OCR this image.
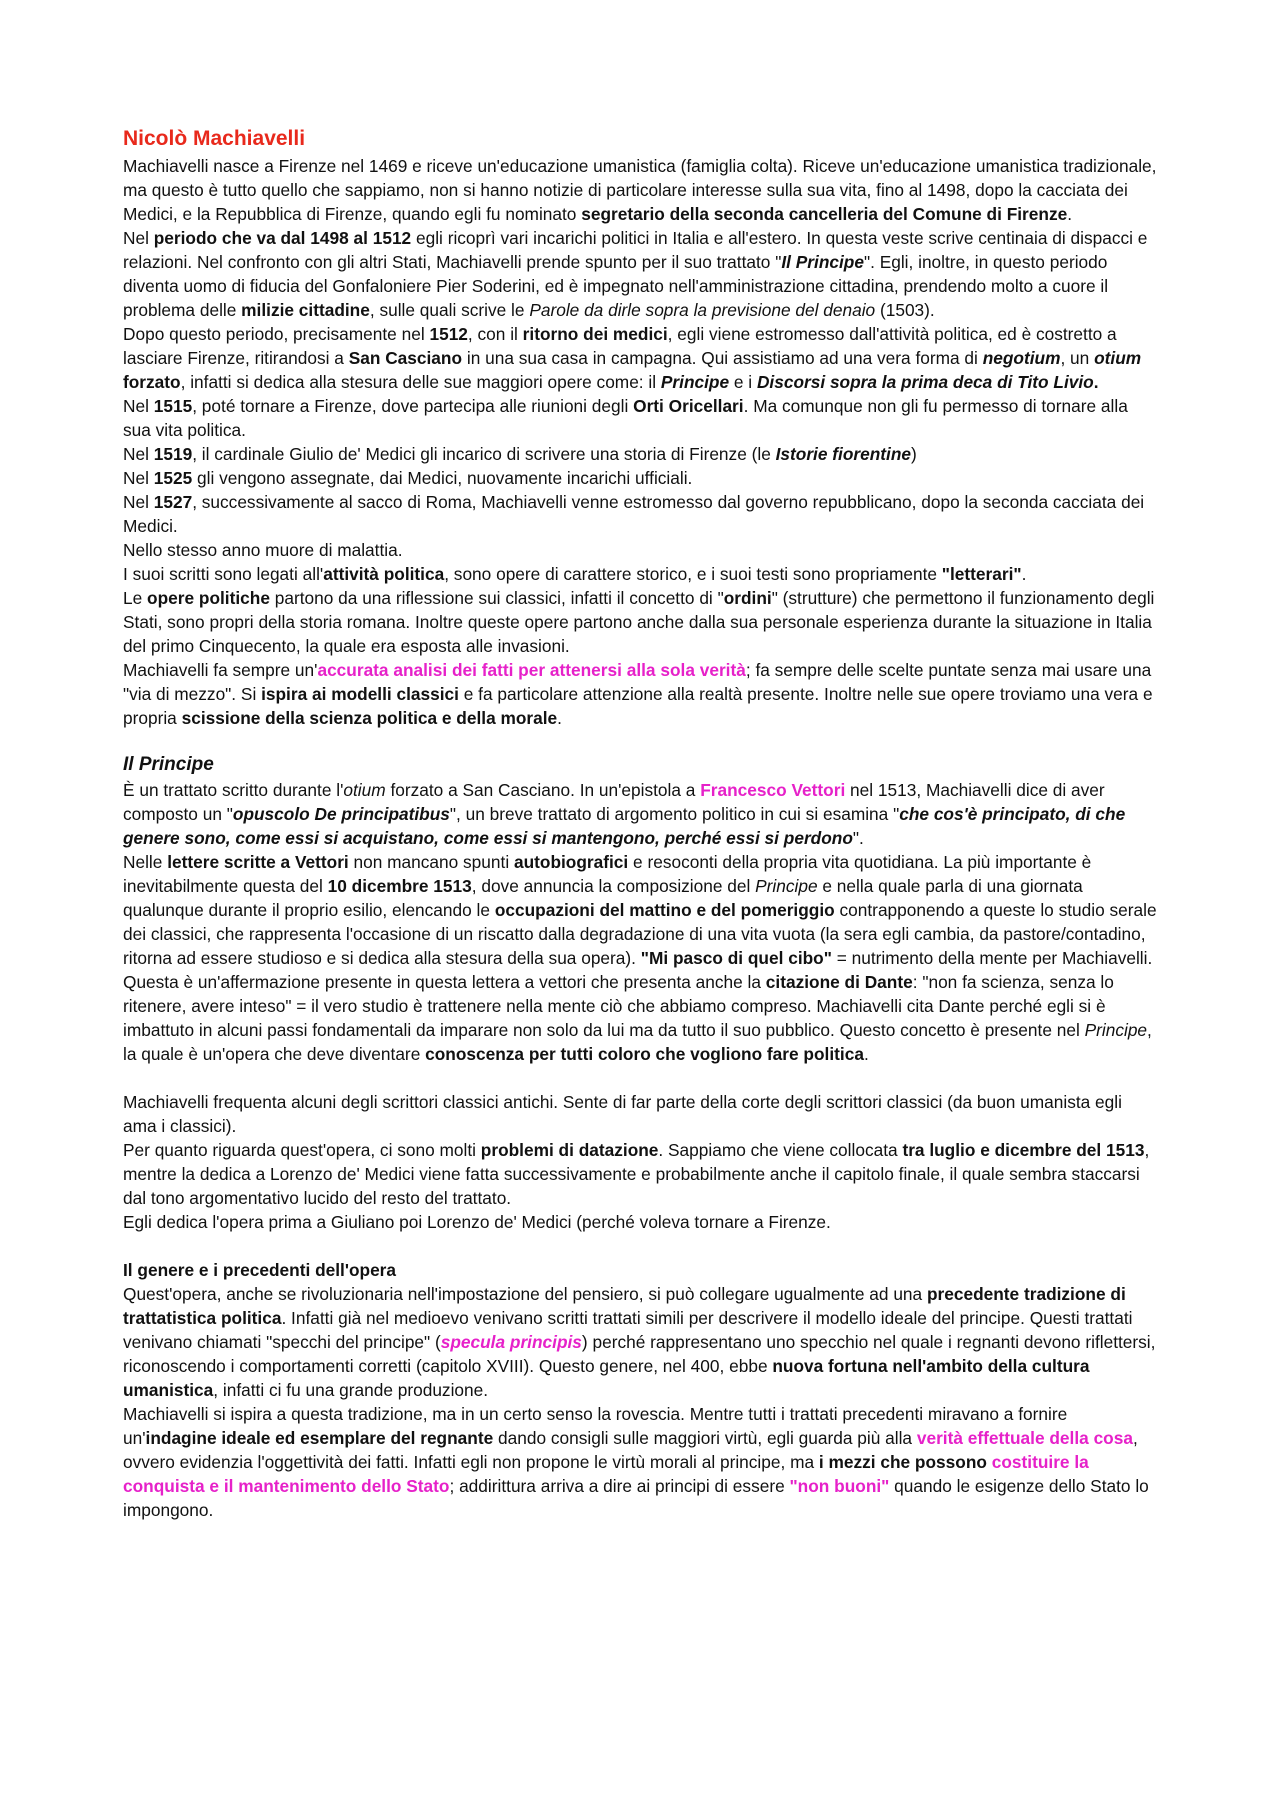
Nicolò Machiavelli

Machiavelli nasce a Firenze nel 1469 e riceve un'educazione umanistica (famiglia colta). Riceve un'educazione umanistica tradizionale, ma questo è tutto quello che sappiamo, non si hanno notizie di particolare interesse sulla sua vita, fino al 1498, dopo la cacciata dei Medici, e la Repubblica di Firenze, quando egli fu nominato segretario della seconda cancelleria del Comune di Firenze.

Nel periodo che va dal 1498 al 1512 egli ricoprì vari incarichi politici in Italia e all'estero. In questa veste scrive centinaia di dispacci e relazioni. Nel confronto con gli altri Stati, Machiavelli prende spunto per il suo trattato "Il Principe". Egli, inoltre, in questo periodo diventa uomo di fiducia del Gonfaloniere Pier Soderini, ed è impegnato nell'amministrazione cittadina, prendendo molto a cuore il problema delle milizie cittadine, sulle quali scrive le Parole da dirle sopra la previsione del denaio (1503).

Dopo questo periodo, precisamente nel 1512, con il ritorno dei medici, egli viene estromesso dall'attività politica, ed è costretto a lasciare Firenze, ritirandosi a San Casciano in una sua casa in campagna. Qui assistiamo ad una vera forma di negotium, un otium forzato, infatti si dedica alla stesura delle sue maggiori opere come: il Principe e i Discorsi sopra la prima deca di Tito Livio.

Nel 1515, poté tornare a Firenze, dove partecipa alle riunioni degli Orti Oricellari. Ma comunque non gli fu permesso di tornare alla sua vita politica.

Nel 1519, il cardinale Giulio de' Medici gli incarico di scrivere una storia di Firenze (le Istorie fiorentine)

Nel 1525 gli vengono assegnate, dai Medici, nuovamente incarichi ufficiali.

Nel 1527, successivamente al sacco di Roma, Machiavelli venne estromesso dal governo repubblicano, dopo la seconda cacciata dei Medici.

Nello stesso anno muore di malattia.

I suoi scritti sono legati all'attività politica, sono opere di carattere storico, e i suoi testi sono propriamente "letterari".

Le opere politiche partono da una riflessione sui classici, infatti il concetto di "ordini" (strutture) che permettono il funzionamento degli Stati, sono propri della storia romana. Inoltre queste opere partono anche dalla sua personale esperienza durante la situazione in Italia del primo Cinquecento, la quale era esposta alle invasioni.

Machiavelli fa sempre un'accurata analisi dei fatti per attenersi alla sola verità; fa sempre delle scelte puntate senza mai usare una "via di mezzo". Si ispira ai modelli classici e fa particolare attenzione alla realtà presente. Inoltre nelle sue opere troviamo una vera e propria scissione della scienza politica e della morale.

Il Principe

È un trattato scritto durante l'otium forzato a San Casciano. In un'epistola a Francesco Vettori nel 1513, Machiavelli dice di aver composto un "opuscolo De principatibus", un breve trattato di argomento politico in cui si esamina "che cos'è principato, di che genere sono, come essi si acquistano, come essi si mantengono, perché essi si perdono".

Nelle lettere scritte a Vettori non mancano spunti autobiografici e resoconti della propria vita quotidiana. La più importante è inevitabilmente questa del 10 dicembre 1513, dove annuncia la composizione del Principe e nella quale parla di una giornata qualunque durante il proprio esilio, elencando le occupazioni del mattino e del pomeriggio contrapponendo a queste lo studio serale dei classici, che rappresenta l'occasione di un riscatto dalla degradazione di una vita vuota (la sera egli cambia, da pastore/contadino, ritorna ad essere studioso e si dedica alla stesura della sua opera). "Mi pasco di quel cibo" = nutrimento della mente per Machiavelli. Questa è un'affermazione presente in questa lettera a vettori che presenta anche la citazione di Dante: "non fa scienza, senza lo ritenere, avere inteso" = il vero studio è trattenere nella mente ciò che abbiamo compreso. Machiavelli cita Dante perché egli si è imbattuto in alcuni passi fondamentali da imparare non solo da lui ma da tutto il suo pubblico. Questo concetto è presente nel Principe, la quale è un'opera che deve diventare conoscenza per tutti coloro che vogliono fare politica.

Machiavelli frequenta alcuni degli scrittori classici antichi. Sente di far parte della corte degli scrittori classici (da buon umanista egli ama i classici).

Per quanto riguarda quest'opera, ci sono molti problemi di datazione. Sappiamo che viene collocata tra luglio e dicembre del 1513, mentre la dedica a Lorenzo de' Medici viene fatta successivamente e probabilmente anche il capitolo finale, il quale sembra staccarsi dal tono argomentativo lucido del resto del trattato.

Egli dedica l'opera prima a Giuliano poi Lorenzo de' Medici (perché voleva tornare a Firenze.

Il genere e i precedenti dell'opera

Quest'opera, anche se rivoluzionaria nell'impostazione del pensiero, si può collegare ugualmente ad una precedente tradizione di trattatistica politica. Infatti già nel medioevo venivano scritti trattati simili per descrivere il modello ideale del principe. Questi trattati venivano chiamati "specchi del principe" (specula principis) perché rappresentano uno specchio nel quale i regnanti devono riflettersi, riconoscendo i comportamenti corretti (capitolo XVIII). Questo genere, nel 400, ebbe nuova fortuna nell'ambito della cultura umanistica, infatti ci fu una grande produzione.

Machiavelli si ispira a questa tradizione, ma in un certo senso la rovescia. Mentre tutti i trattati precedenti miravano a fornire un'indagine ideale ed esemplare del regnante dando consigli sulle maggiori virtù, egli guarda più alla verità effettuale della cosa, ovvero evidenzia l'oggettività dei fatti. Infatti egli non propone le virtù morali al principe, ma i mezzi che possono costituire la conquista e il mantenimento dello Stato; addirittura arriva a dire ai principi di essere "non buoni" quando le esigenze dello Stato lo impongono.
